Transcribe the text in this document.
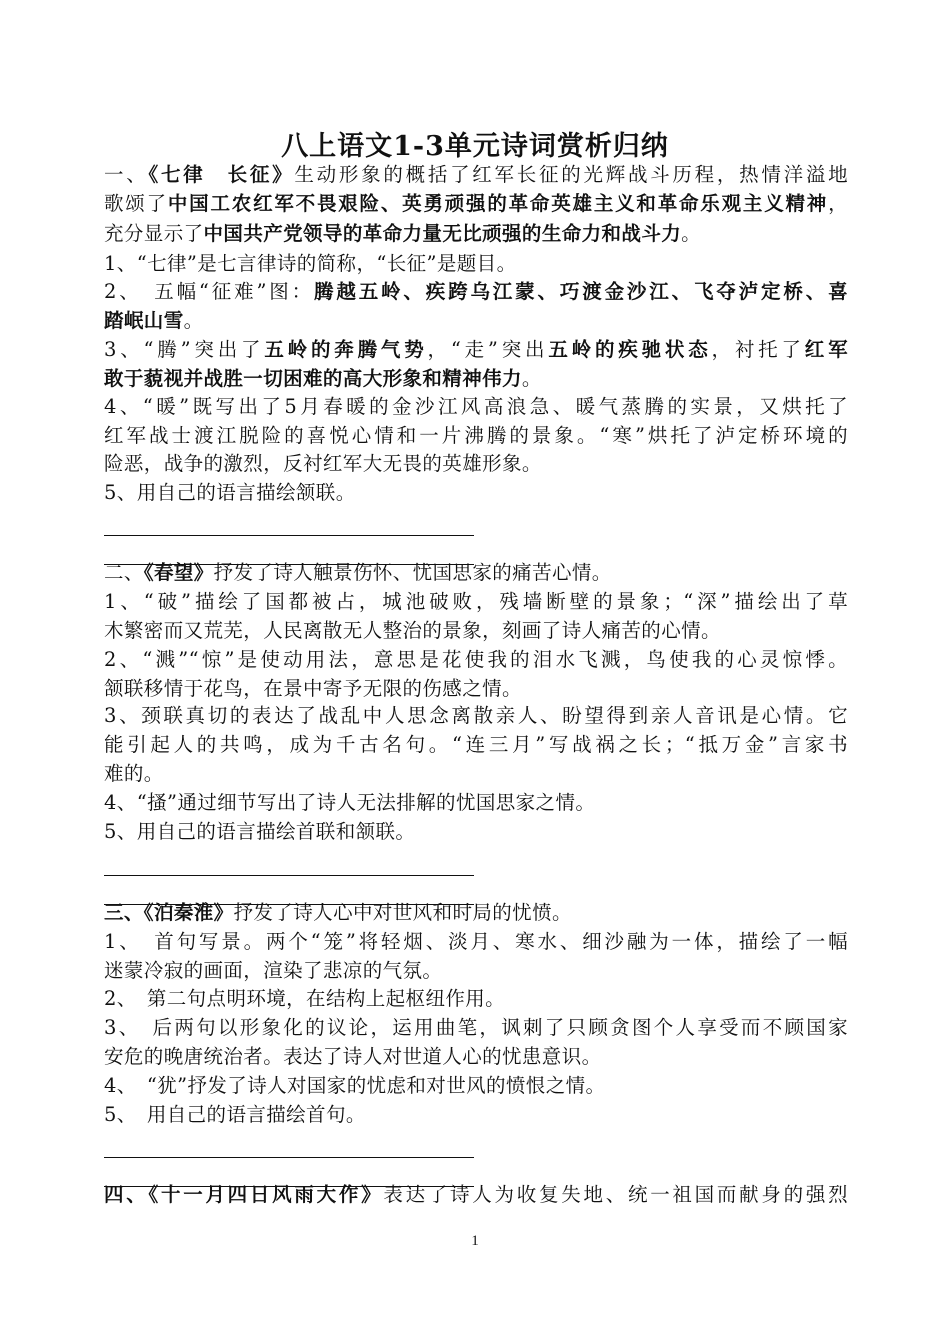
八上语文1-3单元诗词赏析归纳
一、《七律　长征》生动形象的概括了红军长征的光辉战斗历程，热情洋溢地
歌颂了中国工农红军不畏艰险、英勇顽强的革命英雄主义和革命乐观主义精神，
充分显示了中国共产党领导的革命力量无比顽强的生命力和战斗力。
1、“七律”是七言律诗的简称，“长征”是题目。
2、　五幅“征难”图：腾越五岭、疾跨乌江蒙、巧渡金沙江、飞夺泸定桥、喜
踏岷山雪。
3、“腾”突出了五岭的奔腾气势，“走”突出五岭的疾驰状态，衬托了红军
敢于藐视并战胜一切困难的高大形象和精神伟力。
4、“暖”既写出了5月春暖的金沙江风高浪急、暖气蒸腾的实景，又烘托了
红军战士渡江脱险的喜悦心情和一片沸腾的景象。“寒”烘托了泸定桥环境的
险恶，战争的激烈，反衬红军大无畏的英雄形象。
5、用自己的语言描绘颔联。
二、《春望》抒发了诗人触景伤怀、忧国思家的痛苦心情。
1、“破”描绘了国都被占，城池破败，残墙断壁的景象；“深”描绘出了草
木繁密而又荒芜，人民离散无人整治的景象，刻画了诗人痛苦的心情。
2、“溅”“惊”是使动用法，意思是花使我的泪水飞溅，鸟使我的心灵惊悸。
颔联移情于花鸟，在景中寄予无限的伤感之情。
3、颈联真切的表达了战乱中人思念离散亲人、盼望得到亲人音讯是心情。它
能引起人的共鸣，成为千古名句。“连三月”写战祸之长；“抵万金”言家书
难的。
4、“搔”通过细节写出了诗人无法排解的忧国思家之情。
5、用自己的语言描绘首联和颔联。
三、《泊秦淮》抒发了诗人心中对世风和时局的忧愤。
1、　首句写景。两个“笼”将轻烟、淡月、寒水、细沙融为一体，描绘了一幅
迷蒙冷寂的画面，渲染了悲凉的气氛。
2、　第二句点明环境，在结构上起枢纽作用。
3、　后两句以形象化的议论，运用曲笔，讽刺了只顾贪图个人享受而不顾国家
安危的晚唐统治者。表达了诗人对世道人心的忧患意识。
4、　“犹”抒发了诗人对国家的忧虑和对世风的愤恨之情。
5、　用自己的语言描绘首句。
四、《十一月四日风雨大作》表达了诗人为收复失地、统一祖国而献身的强烈
1
